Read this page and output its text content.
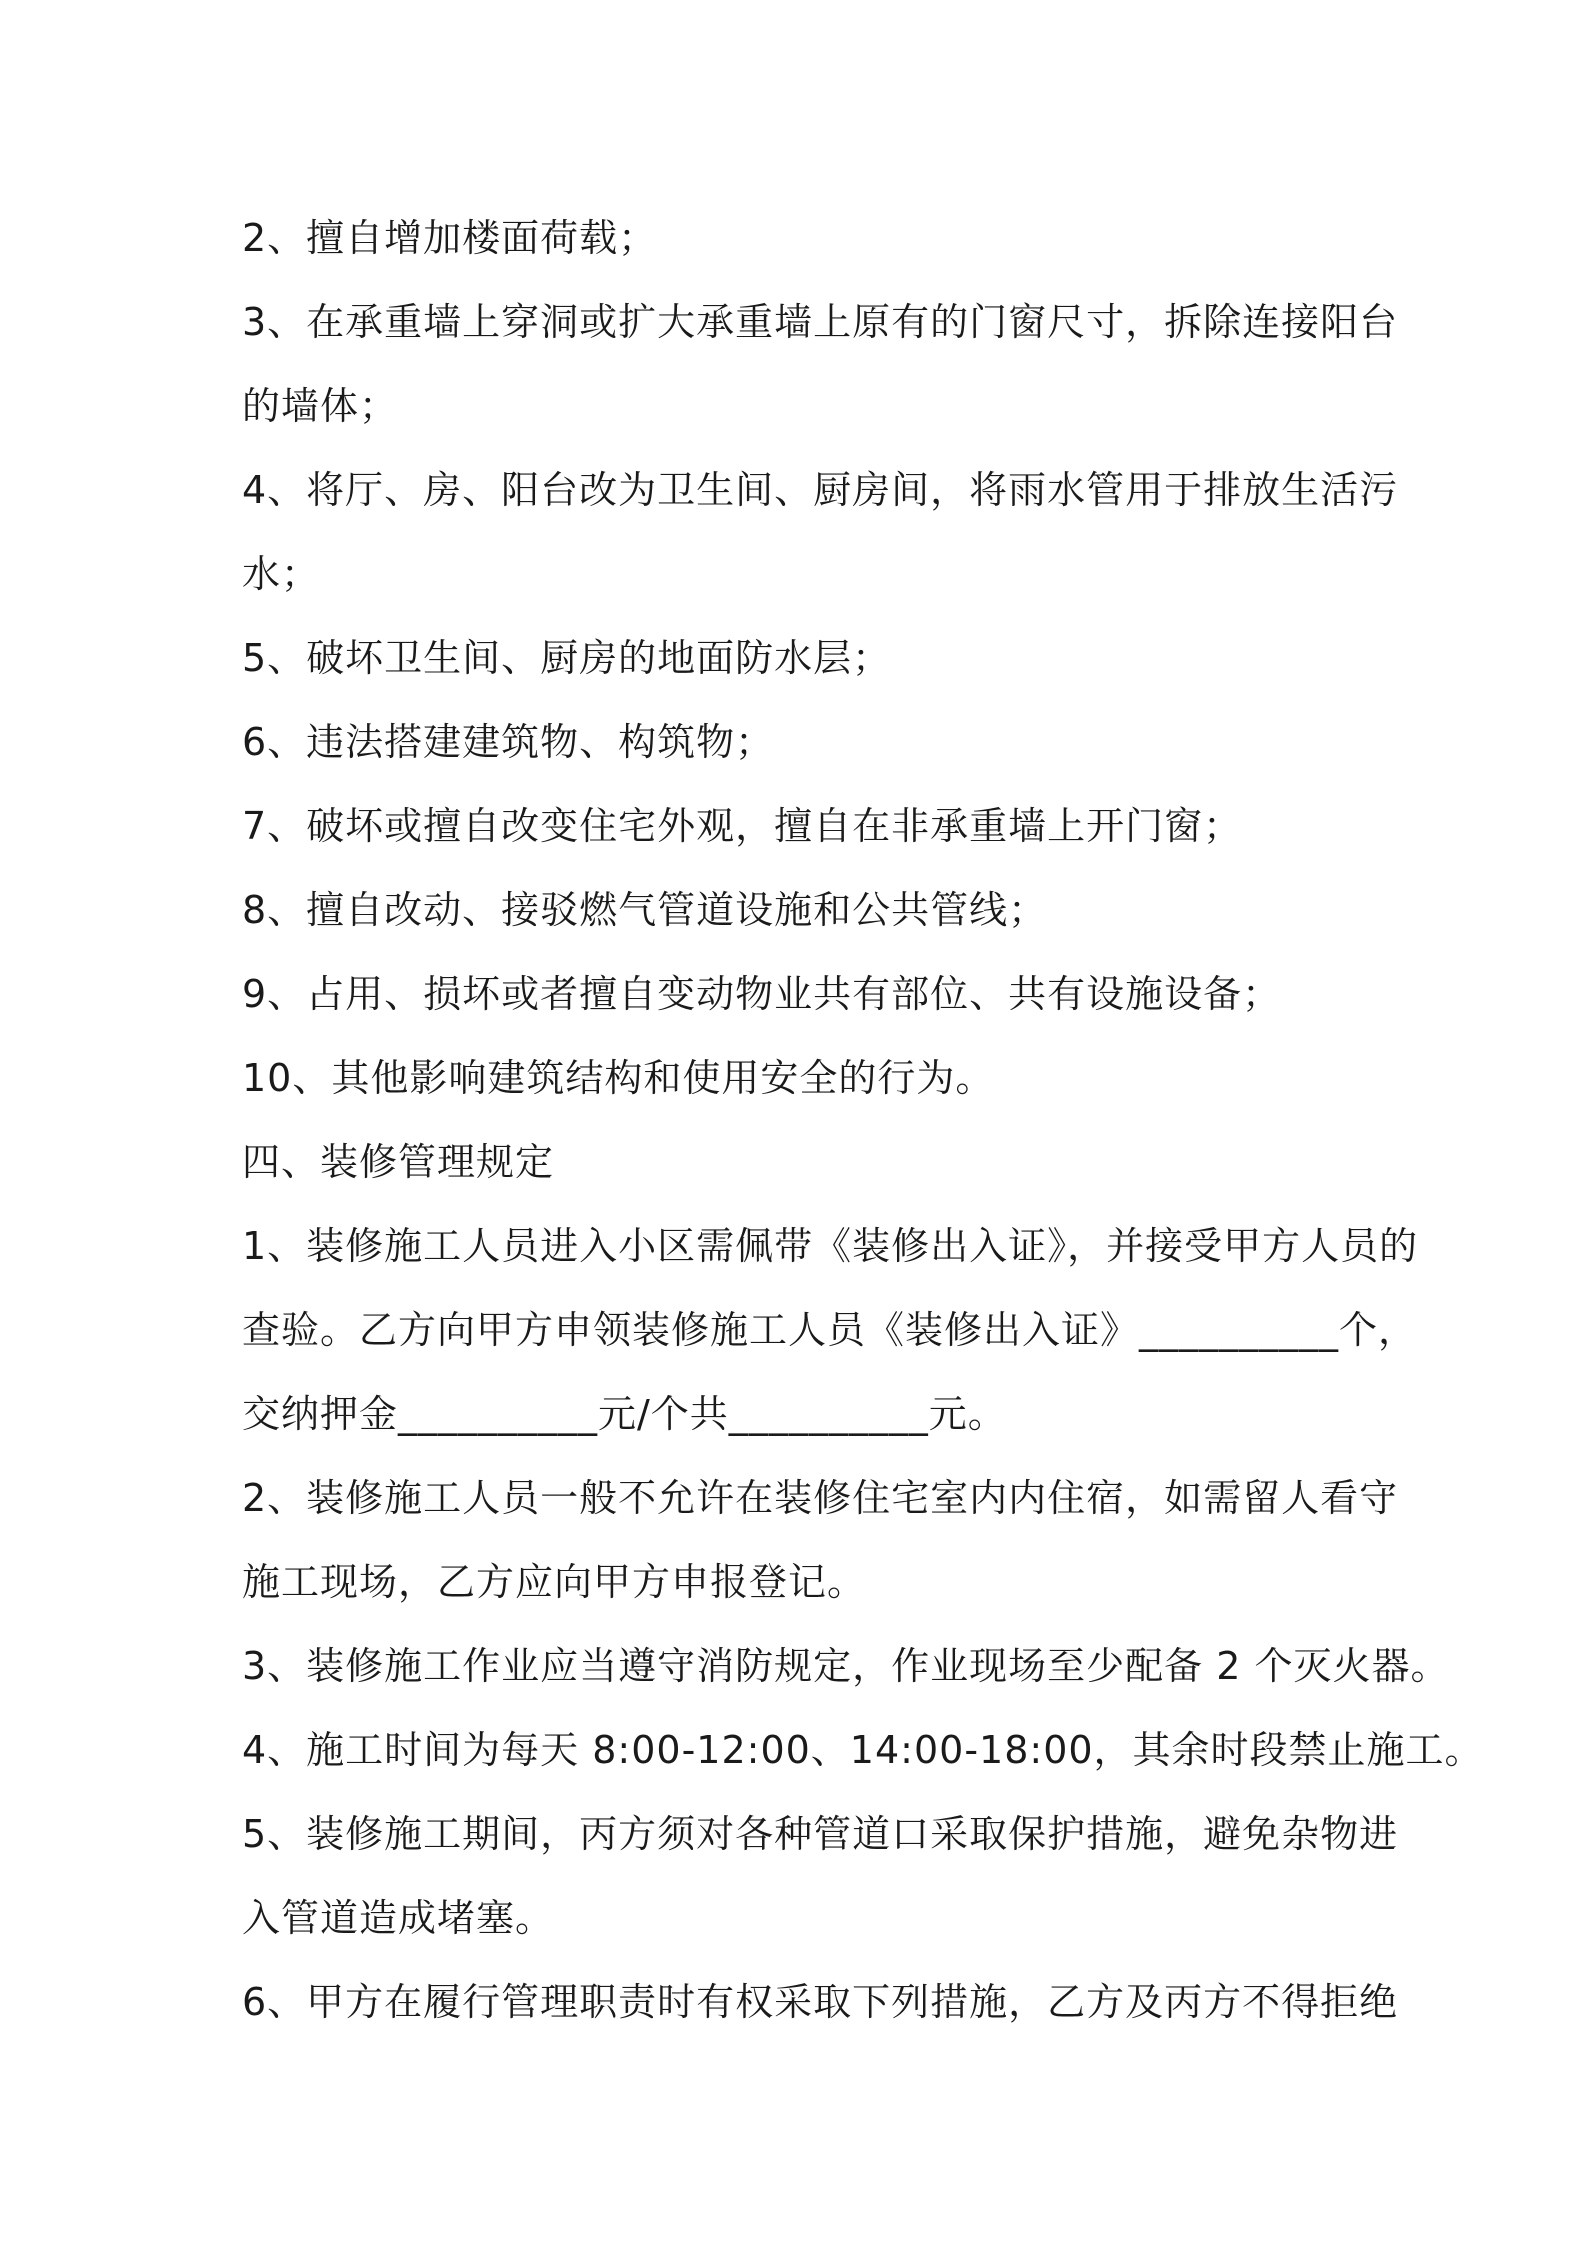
2、擅自增加楼面荷载；
3、在承重墙上穿洞或扩大承重墙上原有的门窗尺寸，拆除连接阳台
的墙体；
4、将厅、房、阳台改为卫生间、厨房间，将雨水管用于排放生活污
水；
5、破坏卫生间、厨房的地面防水层；
6、违法搭建建筑物、构筑物；
7、破坏或擅自改变住宅外观，擅自在非承重墙上开门窗；
8、擅自改动、接驳燃气管道设施和公共管线；
9、占用、损坏或者擅自变动物业共有部位、共有设施设备；
10、其他影响建筑结构和使用安全的行为。
四、装修管理规定
1、装修施工人员进入小区需佩带《装修出入证》，并接受甲方人员的
查验。乙方向甲方申领装修施工人员《装修出入证》__________个，
交纳押金__________元/个共__________元。
2、装修施工人员一般不允许在装修住宅室内内住宿，如需留人看守
施工现场，乙方应向甲方申报登记。
3、装修施工作业应当遵守消防规定，作业现场至少配备 2 个灭火器。
4、施工时间为每天 8:00-12:00、14:00-18:00，其余时段禁止施工。
5、装修施工期间，丙方须对各种管道口采取保护措施，避免杂物进
入管道造成堵塞。
6、甲方在履行管理职责时有权采取下列措施，乙方及丙方不得拒绝
